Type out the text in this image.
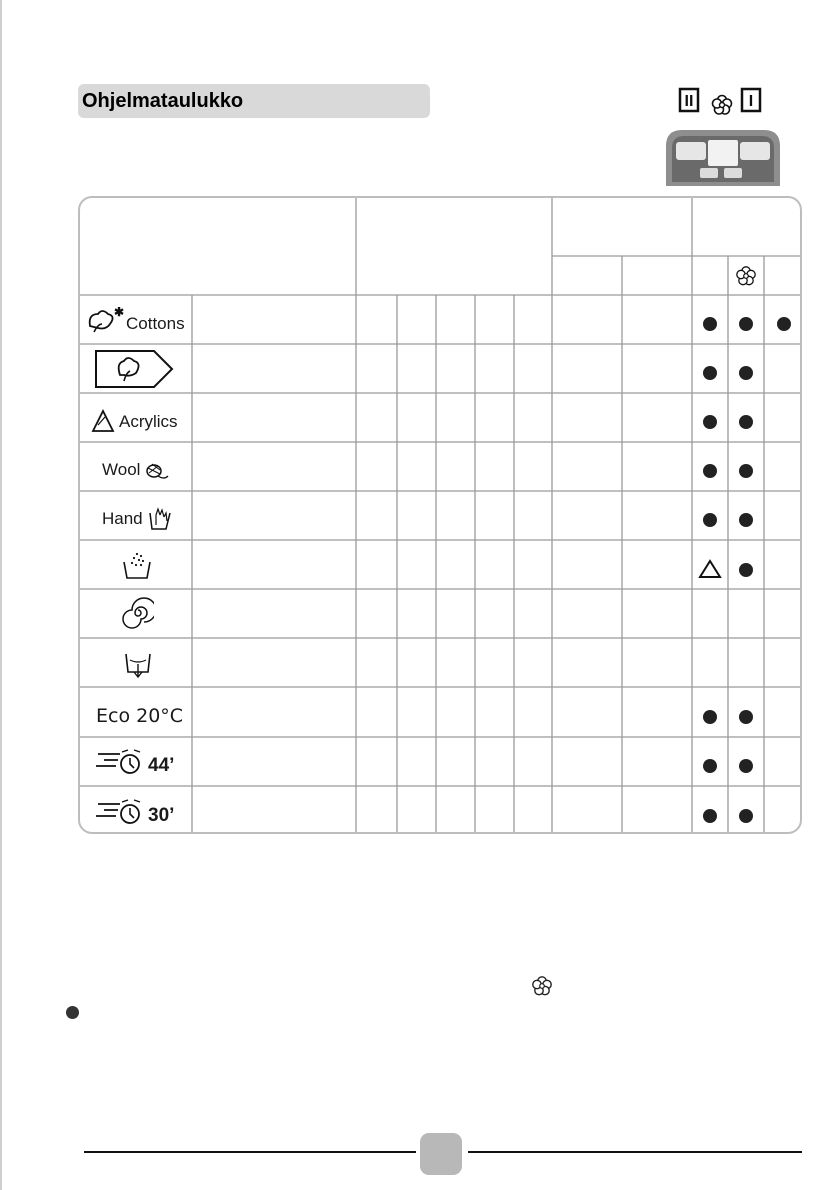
Ohjelmataulukko	II	I
✱
Cottons
Acrylics
Wool
Hand
Eco 20°C
44’
30’
